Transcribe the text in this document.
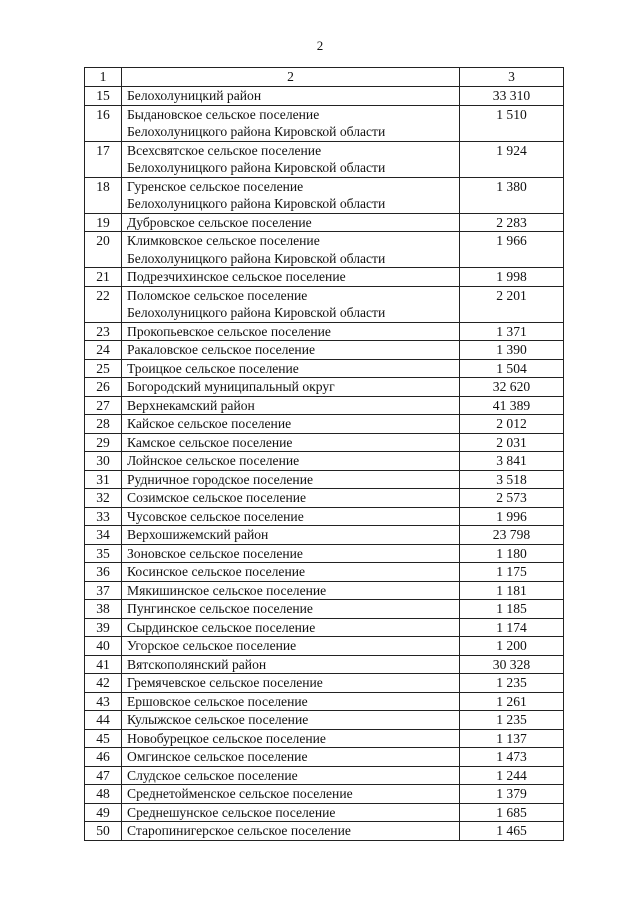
2
1	2	3
15	Белохолуницкий район	33 310
16	Быдановское сельское поселение
Белохолуницкого района Кировской области	1 510
17	Всехсвятское сельское поселение
Белохолуницкого района Кировской области	1 924
18	Гуренское сельское поселение
Белохолуницкого района Кировской области	1 380
19	Дубровское сельское поселение	2 283
20	Климковское сельское поселение
Белохолуницкого района Кировской области	1 966
21	Подрезчихинское сельское поселение	1 998
22	Поломское сельское поселение
Белохолуницкого района Кировской области	2 201
23	Прокопьевское сельское поселение	1 371
24	Ракаловское сельское поселение	1 390
25	Троицкое сельское поселение	1 504
26	Богородский муниципальный округ	32 620
27	Верхнекамский район	41 389
28	Кайское сельское поселение	2 012
29	Камское сельское поселение	2 031
30	Лойнское сельское поселение	3 841
31	Рудничное городское поселение	3 518
32	Созимское сельское поселение	2 573
33	Чусовское сельское поселение	1 996
34	Верхошижемский район	23 798
35	Зоновское сельское поселение	1 180
36	Косинское сельское поселение	1 175
37	Мякишинское сельское поселение	1 181
38	Пунгинское сельское поселение	1 185
39	Сырдинское сельское поселение	1 174
40	Угорское сельское поселение	1 200
41	Вятскополянский район	30 328
42	Гремячевское сельское поселение	1 235
43	Ершовское сельское поселение	1 261
44	Кулыжское сельское поселение	1 235
45	Новобурецкое сельское поселение	1 137
46	Омгинское сельское поселение	1 473
47	Слудское сельское поселение	1 244
48	Среднетойменское сельское поселение	1 379
49	Среднешунское сельское поселение	1 685
50	Старопинигерское сельское поселение	1 465
